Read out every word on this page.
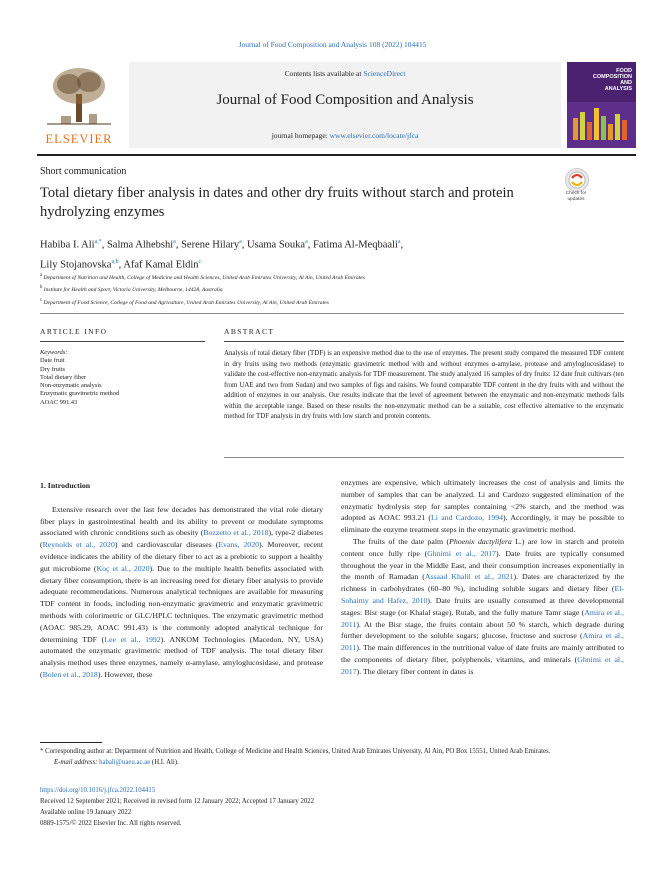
Journal of Food Composition and Analysis 108 (2022) 104415
ELSEVIER
Contents lists available at ScienceDirect
Journal of Food Composition and Analysis
journal homepage: www.elsevier.com/locate/jfca
FOOD
COMPOSITION
AND
ANALYSIS
Short communication
Total dietary fiber analysis in dates and other dry fruits without starch and protein hydrolyzing enzymes
Check for updates
Habiba I. Ali$^{a,*}$, Salma Alhebshi$^a$, Serene Hilary$^a$, Usama Souka$^a$, Fatima Al-Meqbaali$^a$,
Lily Stojanovska$^{a,b}$, Afaf Kamal Eldin$^c$
$^a$ Department of Nutrition and Health, College of Medicine and Health Sciences, United Arab Emirates University, Al Ain, United Arab Emirates
$^b$ Institute for Health and Sport, Victoria University, Melbourne, 14428, Australia
$^c$ Department of Food Science, College of Food and Agriculture, United Arab Emirates University, Al Ain, United Arab Emirates
ARTICLE INFO	ABSTRACT
Keywords:
Date fruit
Dry fruits
Total dietary fiber
Non-enzymatic analysis
Enzymatic gravimetric method
AOAC 991.43
Analysis of total dietary fiber (TDF) is an expensive method due to the use of enzymes. The present study compared the measured TDF content in dry fruits using two methods (enzymatic gravimetric method with and without enzymes α-amylase, protease and amyloglucosidase) to validate the cost-effective non-enzymatic analysis for TDF measurement. The study analyzed 16 samples of dry fruits: 12 date fruit cultivars (ten from UAE and two from Sudan) and two samples of figs and raisins. We found comparable TDF content in the dry fruits with and without the addition of enzymes in our analysis. Our results indicate that the level of agreement between the enzymatic and non-enzymatic methods falls within the acceptable range. Based on these results the non-enzymatic method can be a suitable, cost effective alternative to the enzymatic method for TDF analysis in dry fruits with low starch and protein contents.
1. Introduction

Extensive research over the last few decades has demonstrated the vital role dietary fiber plays in gastrointestinal health and its ability to prevent or modulate symptoms associated with chronic conditions such as obesity (Bozzetto et al., 2018), type-2 diabetes (Reynolds et al., 2020) and cardiovascular diseases (Evans, 2020). Moreover, recent evidence indicates the ability of the dietary fiber to act as a prebiotic to support a healthy gut microbiome (Koç et al., 2020). Due to the multiple health benefits associated with dietary fiber consumption, there is an increasing need for dietary fiber analysis to provide adequate recommendations. Numerous analytical techniques are available for measuring TDF content in foods, including non-enzymatic gravimetric and enzymatic gravimetric methods with colorimetric or GLC/HPLC techniques. The enzymatic gravimetric method (AOAC 985.29, AOAC 991.43) is the commonly adopted analytical technique for determining TDF (Lee et al., 1992). ANKOM Technologies (Macedon, NY, USA) automated the enzymatic gravimetric method of TDF analysis. The total dietary fiber analysis method uses three enzymes, namely α-amylase, amyloglucosidase, and protease (Bolen et al., 2018). However, these

enzymes are expensive, which ultimately increases the cost of analysis and limits the number of samples that can be analyzed. Li and Cardozo suggested elimination of the enzymatic hydrolysis step for samples containing <2% starch, and the method was adopted as AOAC 993.21 (Li and Cardozo, 1994). Accordingly, it may be possible to eliminate the enzyme treatment steps in the enzymatic gravimetric method.

The fruits of the date palm (Phoenix dactylifera L.) are low in starch and protein content once fully ripe (Ghnimi et al., 2017). Date fruits are typically consumed throughout the year in the Middle East, and their consumption increases exponentially in the month of Ramadan (Assaad Khalil et al., 2021). Dates are characterized by the richness in carbohydrates (60–80 %), including soluble sugars and dietary fiber (El-Sohaimy and Hafez, 2010). Date fruits are usually consumed at three developmental stages: Bisr stage (or Khalal stage), Rutab, and the fully mature Tamr stage (Amira et al., 2011). At the Bisr stage, the fruits contain about 50 % starch, which degrade during further development to the soluble sugars; glucose, fructose and sucrose (Amira et al., 2011). The main differences in the nutritional value of date fruits are mainly attributed to the components of dietary fiber, polyphenols, vitamins, and minerals (Ghnimi et al., 2017). The dietary fiber content in dates is

* Corresponding author at: Department of Nutrition and Health, College of Medicine and Health Sciences, United Arab Emirates University, Al Ain, PO Box 15551, United Arab Emirates.
E-mail address: habali@uaeu.ac.ae (H.I. Ali).
https://doi.org/10.1016/j.jfca.2022.104415
Received 12 September 2021; Received in revised form 12 January 2022; Accepted 17 January 2022
Available online 19 January 2022
0889-1575/© 2022 Elsevier Inc. All rights reserved.
